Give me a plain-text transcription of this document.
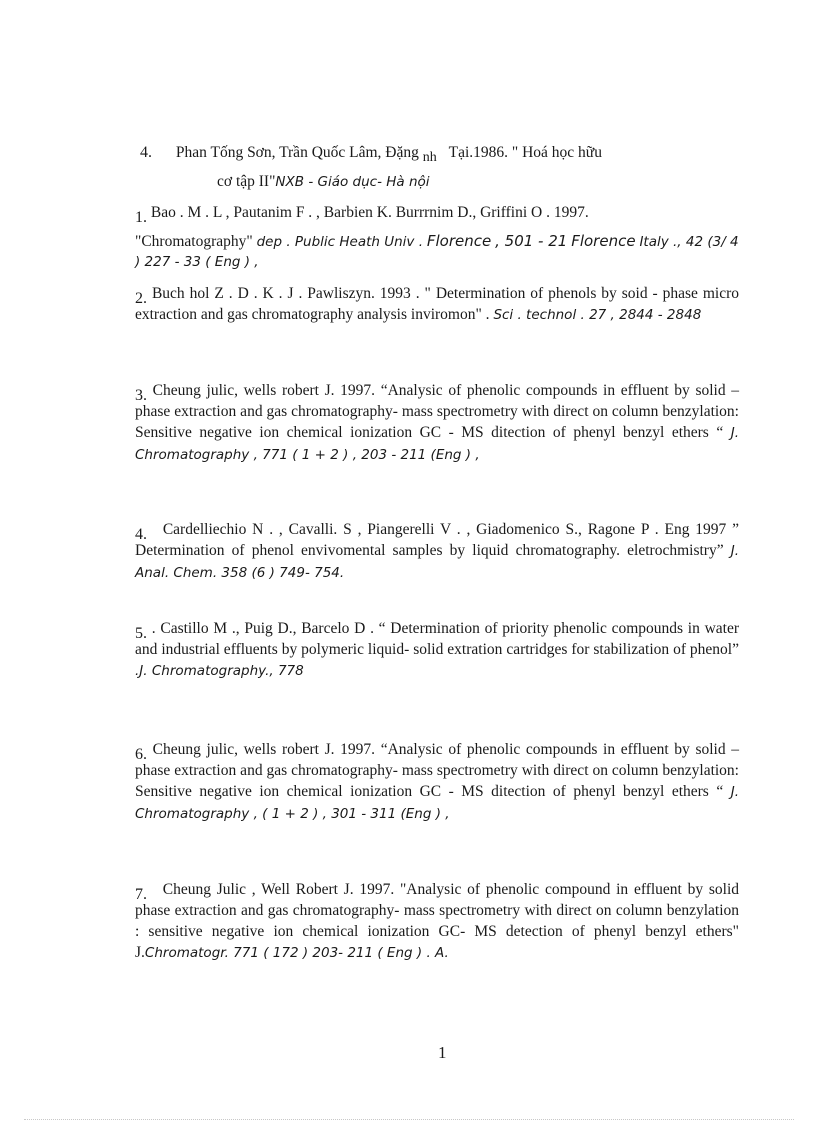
4. Phan Tống Sơn, Trần Quốc Lâm, Đặng nh Tại.1986. " Hoá học hữu

cơ tập II"NXB - Giáo dục- Hà nội

1. Bao . M . L , Pautanim F . , Barbien K. Burrrnim D., Griffini O . 1997.

"Chromatography" dep . Public Heath Univ . Florence , 501 - 21 Florence Italy ., 42 (3/ 4 ) 227 - 33 ( Eng ) ,

2. Buch hol Z . D . K . J . Pawliszyn. 1993 . " Determination of phenols by soid - phase micro extraction and gas chromatography analysis inviromon" . Sci . technol . 27 , 2844 - 2848

3. Cheung julic, wells robert J. 1997. “Analysic of phenolic compounds in effluent by solid – phase extraction and gas chromatography- mass spectrometry with direct on column benzylation: Sensitive negative ion chemical ionization GC - MS ditection of phenyl benzyl ethers “ J. Chromatography , 771 ( 1 + 2 ) , 203 - 211 (Eng ) ,

4. Cardelliechio N . , Cavalli. S , Piangerelli V . , Giadomenico S., Ragone P . Eng 1997 ” Determination of phenol envivomental samples by liquid chromatography. eletrochmistry” J. Anal. Chem. 358 (6 ) 749- 754.

5. . Castillo M ., Puig D., Barcelo D . “ Determination of priority phenolic compounds in water and industrial effluents by polymeric liquid- solid extration cartridges for stabilization of phenol” .J. Chromatography., 778

6. Cheung julic, wells robert J. 1997. “Analysic of phenolic compounds in effluent by solid – phase extraction and gas chromatography- mass spectrometry with direct on column benzylation: Sensitive negative ion chemical ionization GC - MS ditection of phenyl benzyl ethers “ J. Chromatography , ( 1 + 2 ) , 301 - 311 (Eng ) ,

7. Cheung Julic , Well Robert J. 1997. "Analysic of phenolic compound in effluent by solid phase extraction and gas chromatography- mass spectrometry with direct on column benzylation : sensitive negative ion chemical ionization GC- MS detection of phenyl benzyl ethers" J.Chromatogr. 771 ( 172 ) 203- 211 ( Eng ) . A.

1
